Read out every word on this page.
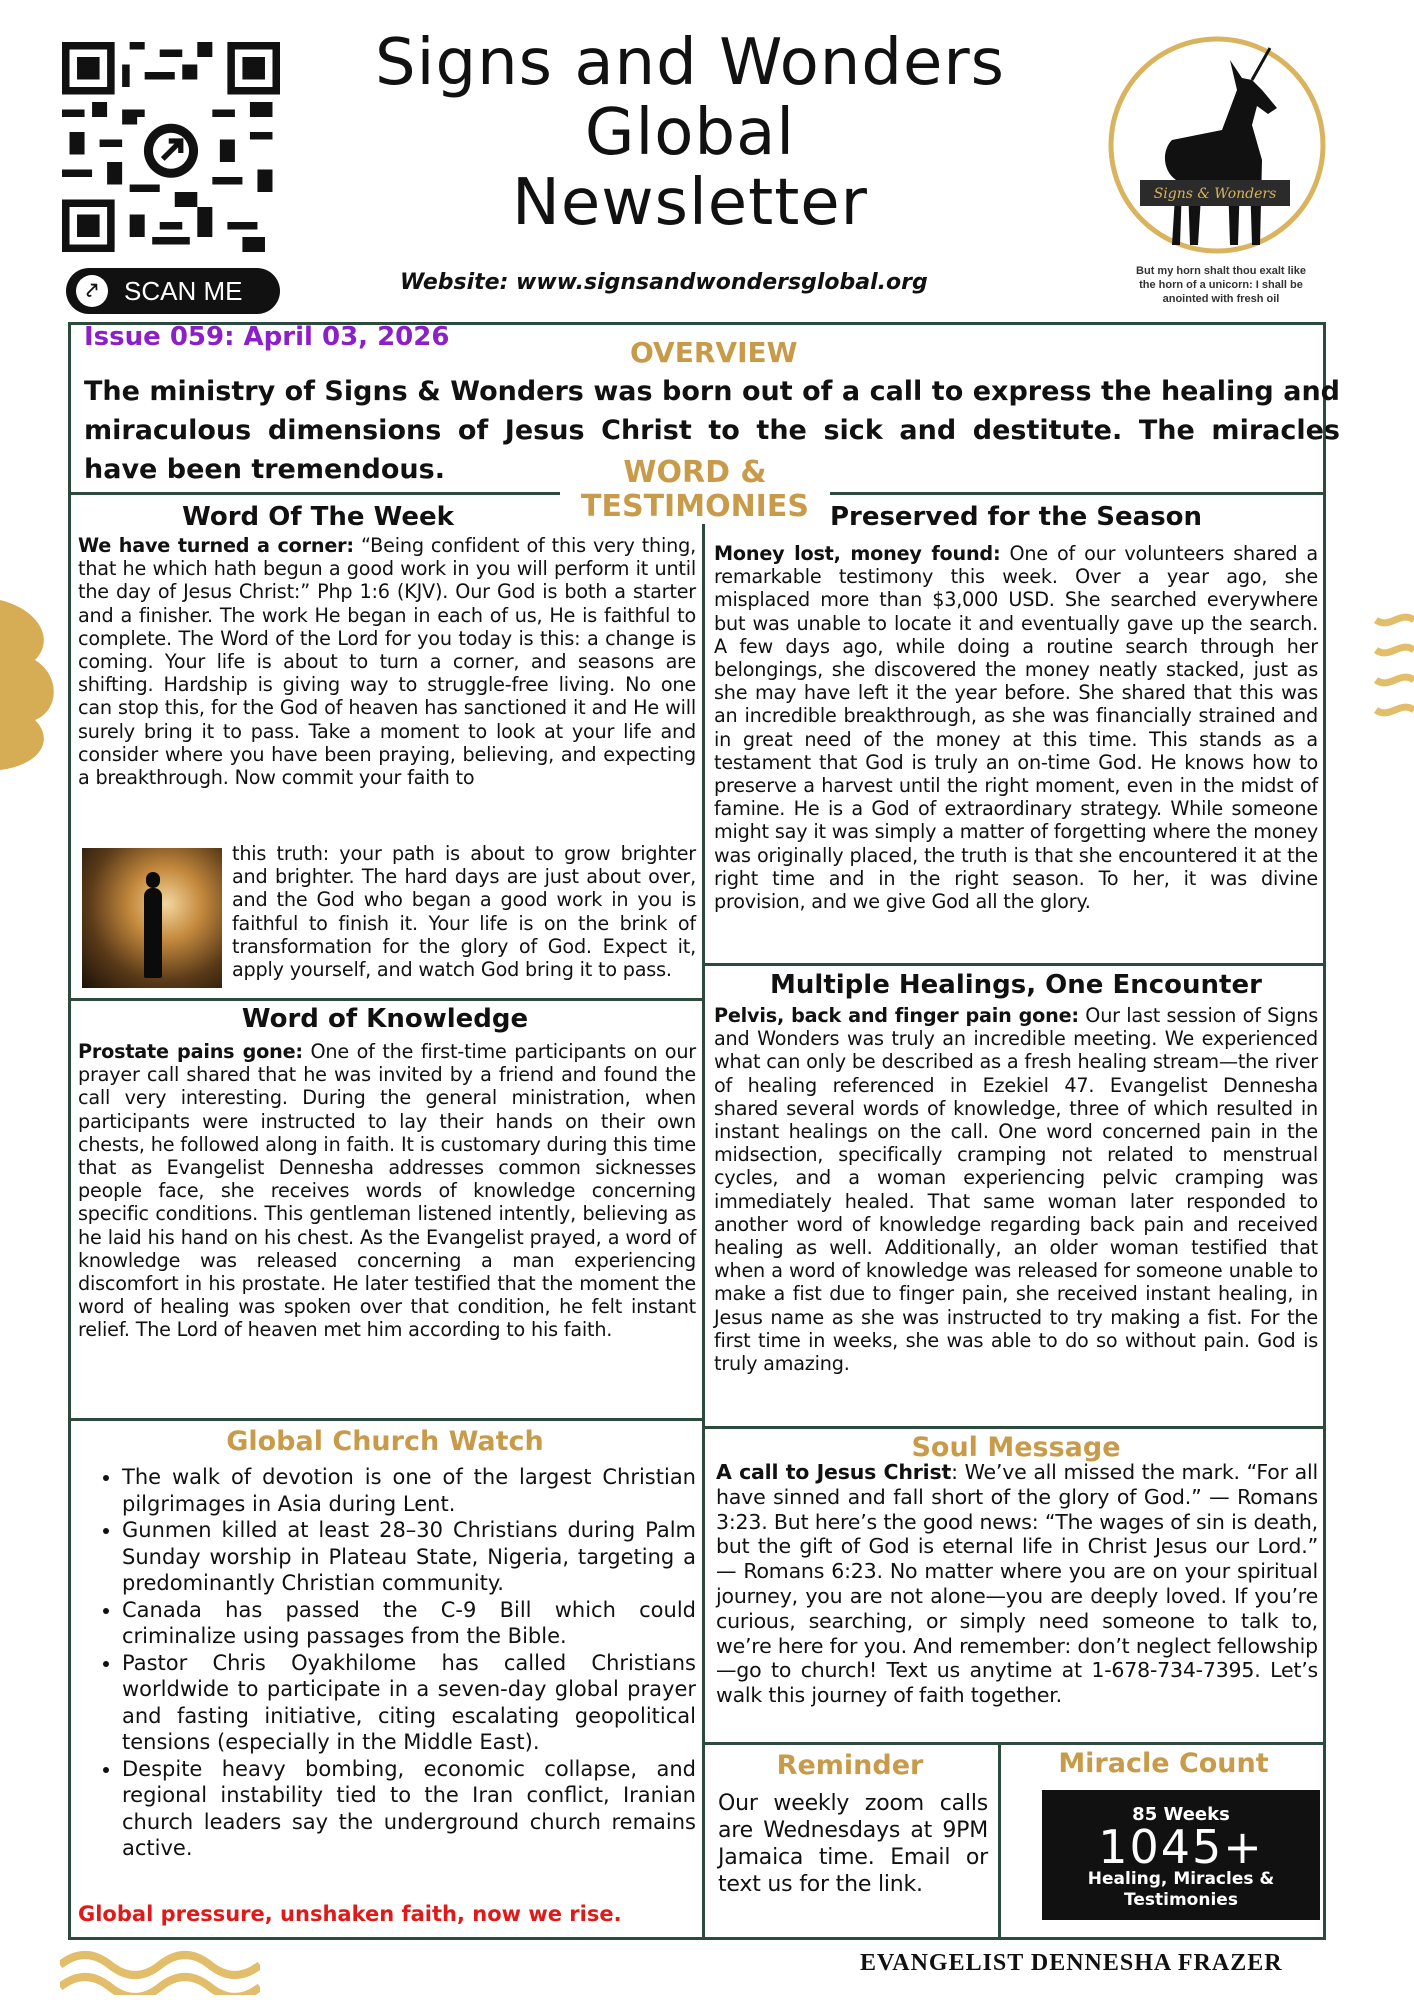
⤤	SCAN ME
Signs and Wonders
Global
Newsletter
Website: www.signsandwondersglobal.org
Signs & Wonders
But my horn shalt thou exalt like the horn of a unicorn: I shall be anointed with fresh oil
Issue 059: April 03, 2026	OVERVIEW
The ministry of Signs & Wonders was born out of a call to express the healing and miraculous dimensions of Jesus Christ to the sick and destitute. The miracles have been tremendous.	WORD &
TESTIMONIES
Word Of The Week

We have turned a corner: “Being confident of this very thing, that he which hath begun a good work in you will perform it until the day of Jesus Christ:” Php 1:6 (KJV). Our God is both a starter and a finisher. The work He began in each of us, He is faithful to complete. The Word of the Lord for you today is this: a change is coming. Your life is about to turn a corner, and seasons are shifting. Hardship is giving way to struggle-free living. No one can stop this, for the God of heaven has sanctioned it and He will surely bring it to pass. Take a moment to look at your life and consider where you have been praying, believing, and expecting a breakthrough. Now commit your faith to

this truth: your path is about to grow brighter and brighter. The hard days are just about over, and the God who began a good work in you is faithful to finish it. Your life is on the brink of transformation for the glory of God. Expect it, apply yourself, and watch God bring it to pass.

Preserved for the Season

Money lost, money found: One of our volunteers shared a remarkable testimony this week. Over a year ago, she misplaced more than $3,000 USD. She searched everywhere but was unable to locate it and eventually gave up the search. A few days ago, while doing a routine search through her belongings, she discovered the money neatly stacked, just as she may have left it the year before. She shared that this was an incredible breakthrough, as she was financially strained and in great need of the money at this time. This stands as a testament that God is truly an on-time God. He knows how to preserve a harvest until the right moment, even in the midst of famine. He is a God of extraordinary strategy. While someone might say it was simply a matter of forgetting where the money was originally placed, the truth is that she encountered it at the right time and in the right season. To her, it was divine provision, and we give God all the glory.

Word of Knowledge

Prostate pains gone: One of the first-time participants on our prayer call shared that he was invited by a friend and found the call very interesting. During the general ministration, when participants were instructed to lay their hands on their own chests, he followed along in faith. It is customary during this time that as Evangelist Dennesha addresses common sicknesses people face, she receives words of knowledge concerning specific conditions. This gentleman listened intently, believing as he laid his hand on his chest. As the Evangelist prayed, a word of knowledge was released concerning a man experiencing discomfort in his prostate. He later testified that the moment the word of healing was spoken over that condition, he felt instant relief. The Lord of heaven met him according to his faith.

Multiple Healings, One Encounter

Pelvis, back and finger pain gone: Our last session of Signs and Wonders was truly an incredible meeting. We experienced what can only be described as a fresh healing stream—the river of healing referenced in Ezekiel 47. Evangelist Dennesha shared several words of knowledge, three of which resulted in instant healings on the call. One word concerned pain in the midsection, specifically cramping not related to menstrual cycles, and a woman experiencing pelvic cramping was immediately healed. That same woman later responded to another word of knowledge regarding back pain and received healing as well. Additionally, an older woman testified that when a word of knowledge was released for someone unable to make a fist due to finger pain, she received instant healing, in Jesus name as she was instructed to try making a fist. For the first time in weeks, she was able to do so without pain. God is truly amazing.

Global Church Watch
• The walk of devotion is one of the largest Christian pilgrimages in Asia during Lent.
• Gunmen killed at least 28–30 Christians during Palm Sunday worship in Plateau State, Nigeria, targeting a predominantly Christian community.
• Canada has passed the C-9 Bill which could criminalize using passages from the Bible.
• Pastor Chris Oyakhilome has called Christians worldwide to participate in a seven-day global prayer and fasting initiative, citing escalating geopolitical tensions (especially in the Middle East).
• Despite heavy bombing, economic collapse, and regional instability tied to the Iran conflict, Iranian church leaders say the underground church remains active.
Global pressure, unshaken faith, now we rise.
Soul Message

A call to Jesus Christ: We’ve all missed the mark. “For all have sinned and fall short of the glory of God.” — Romans 3:23. But here’s the good news: “The wages of sin is death, but the gift of God is eternal life in Christ Jesus our Lord.” — Romans 6:23. No matter where you are on your spiritual journey, you are not alone—you are deeply loved. If you’re curious, searching, or simply need someone to talk to, we’re here for you. And remember: don’t neglect fellowship—go to church! Text us anytime at 1-678-734-7395. Let’s walk this journey of faith together.

Reminder

Our weekly zoom calls are Wednesdays at 9PM Jamaica time. Email or text us for the link.

Miracle Count
85 Weeks
1045+
Healing, Miracles & Testimonies
EVANGELIST DENNESHA FRAZER
